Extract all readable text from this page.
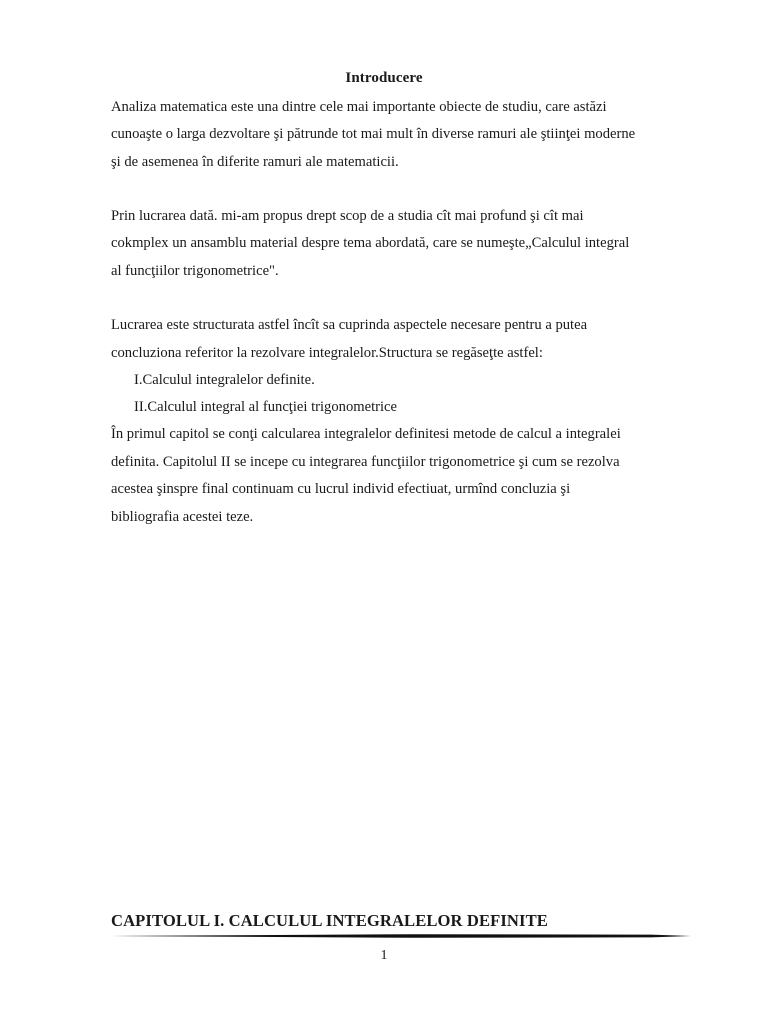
Introducere
Analiza matematica este una dintre cele mai importante obiecte de studiu, care astăzi
cunoaşte o larga dezvoltare şi pătrunde tot mai mult în diverse ramuri ale ştiinţei moderne
şi de asemenea în diferite ramuri ale matematicii.
Prin lucrarea dată. mi-am propus drept scop de a studia cît mai profund şi cît mai
cokmplex un ansamblu material despre tema abordată, care se numeşte„Calculul integral
al funcţiilor trigonometrice".
Lucrarea este structurata astfel încît sa cuprinda aspectele necesare pentru a putea
concluziona referitor la rezolvare integralelor.Structura se regăseţte astfel:
I.Calculul integralelor definite.
II.Calculul integral al funcţiei trigonometrice
În primul capitol se conţi calcularea integralelor definitesi metode de calcul a integralei
definita. Capitolul II se incepe cu integrarea funcţiilor trigonometrice şi cum se rezolva
acestea şinspre final continuam cu lucrul individ efectiuat, urmînd concluzia şi
bibliografia acestei teze.
CAPITOLUL I. CALCULUL INTEGRALELOR DEFINITE
1
